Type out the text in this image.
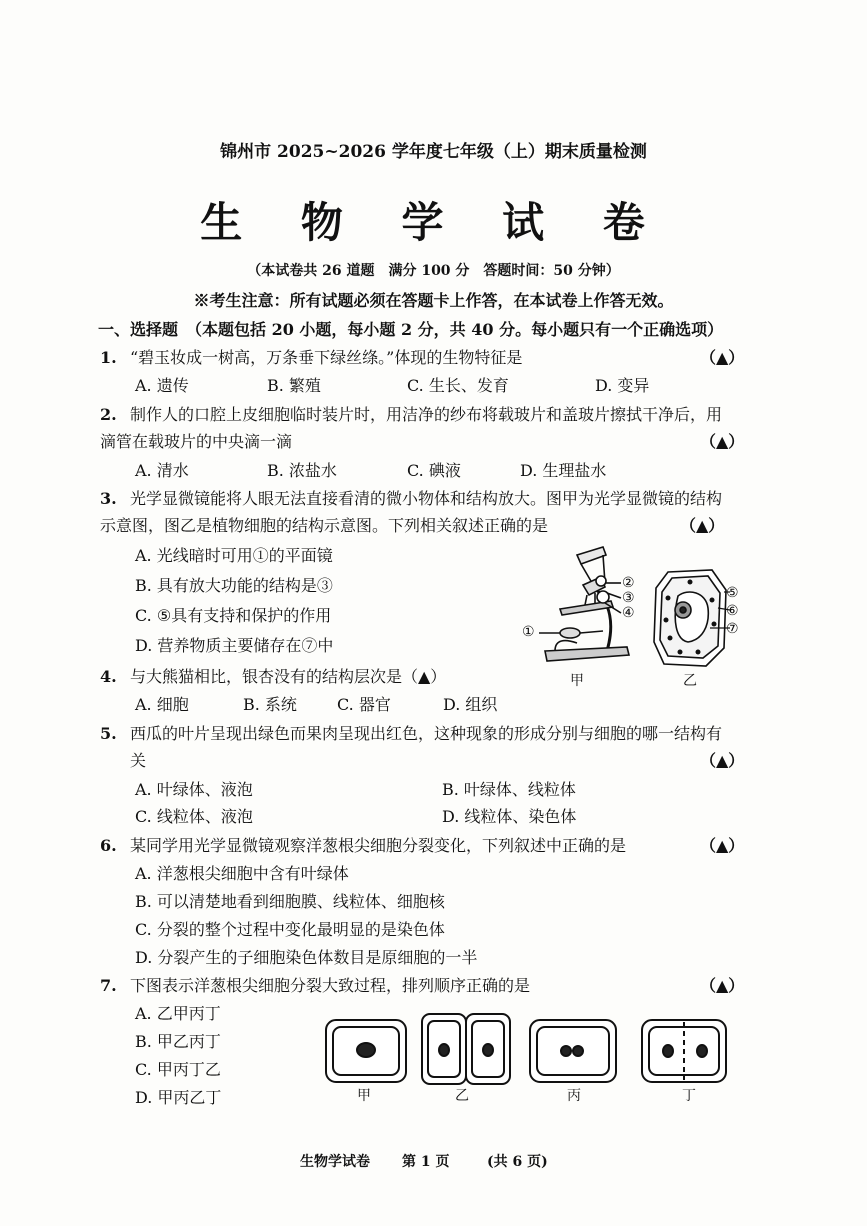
锦州市 2025~2026 学年度七年级（上）期末质量检测
生 物 学 试 卷
（本试卷共 26 道题　满分 100 分　答题时间：50 分钟）
※考生注意：所有试题必须在答题卡上作答，在本试卷上作答无效。
一、选择题　（本题包括 20 小题，每小题 2 分，共 40 分。每小题只有一个正确选项）
1. “碧玉妆成一树高，万条垂下绿丝绦。”体现的生物特征是	（▲）
A. 遗传	B. 繁殖	C. 生长、发育	D. 变异
2. 制作人的口腔上皮细胞临时装片时，用洁净的纱布将载玻片和盖玻片擦拭干净后，用
滴管在载玻片的中央滴一滴	（▲）
A. 清水	B. 浓盐水	C. 碘液	D. 生理盐水
3. 光学显微镜能将人眼无法直接看清的微小物体和结构放大。图甲为光学显微镜的结构
示意图，图乙是植物细胞的结构示意图。下列相关叙述正确的是	（▲）
A. 光线暗时可用①的平面镜
B. 具有放大功能的结构是③
C. ⑤具有支持和保护的作用
D. 营养物质主要储存在⑦中
②
③
④
①
甲
⑤
⑥
⑦
乙
4. 与大熊猫相比，银杏没有的结构层次是（▲）
A. 细胞	B. 系统	C. 器官	D. 组织
5. 西瓜的叶片呈现出绿色而果肉呈现出红色，这种现象的形成分别与细胞的哪一结构有
关	（▲）
A. 叶绿体、液泡	B. 叶绿体、线粒体
C. 线粒体、液泡	D. 线粒体、染色体
6. 某同学用光学显微镜观察洋葱根尖细胞分裂变化，下列叙述中正确的是	（▲）
A. 洋葱根尖细胞中含有叶绿体
B. 可以清楚地看到细胞膜、线粒体、细胞核
C. 分裂的整个过程中变化最明显的是染色体
D. 分裂产生的子细胞染色体数目是原细胞的一半
7. 下图表示洋葱根尖细胞分裂大致过程，排列顺序正确的是	（▲）
A. 乙甲丙丁
B. 甲乙丙丁
C. 甲丙丁乙
D. 甲丙乙丁	甲	乙	丙	丁
生物学试卷 第 1 页	(共 6 页)
